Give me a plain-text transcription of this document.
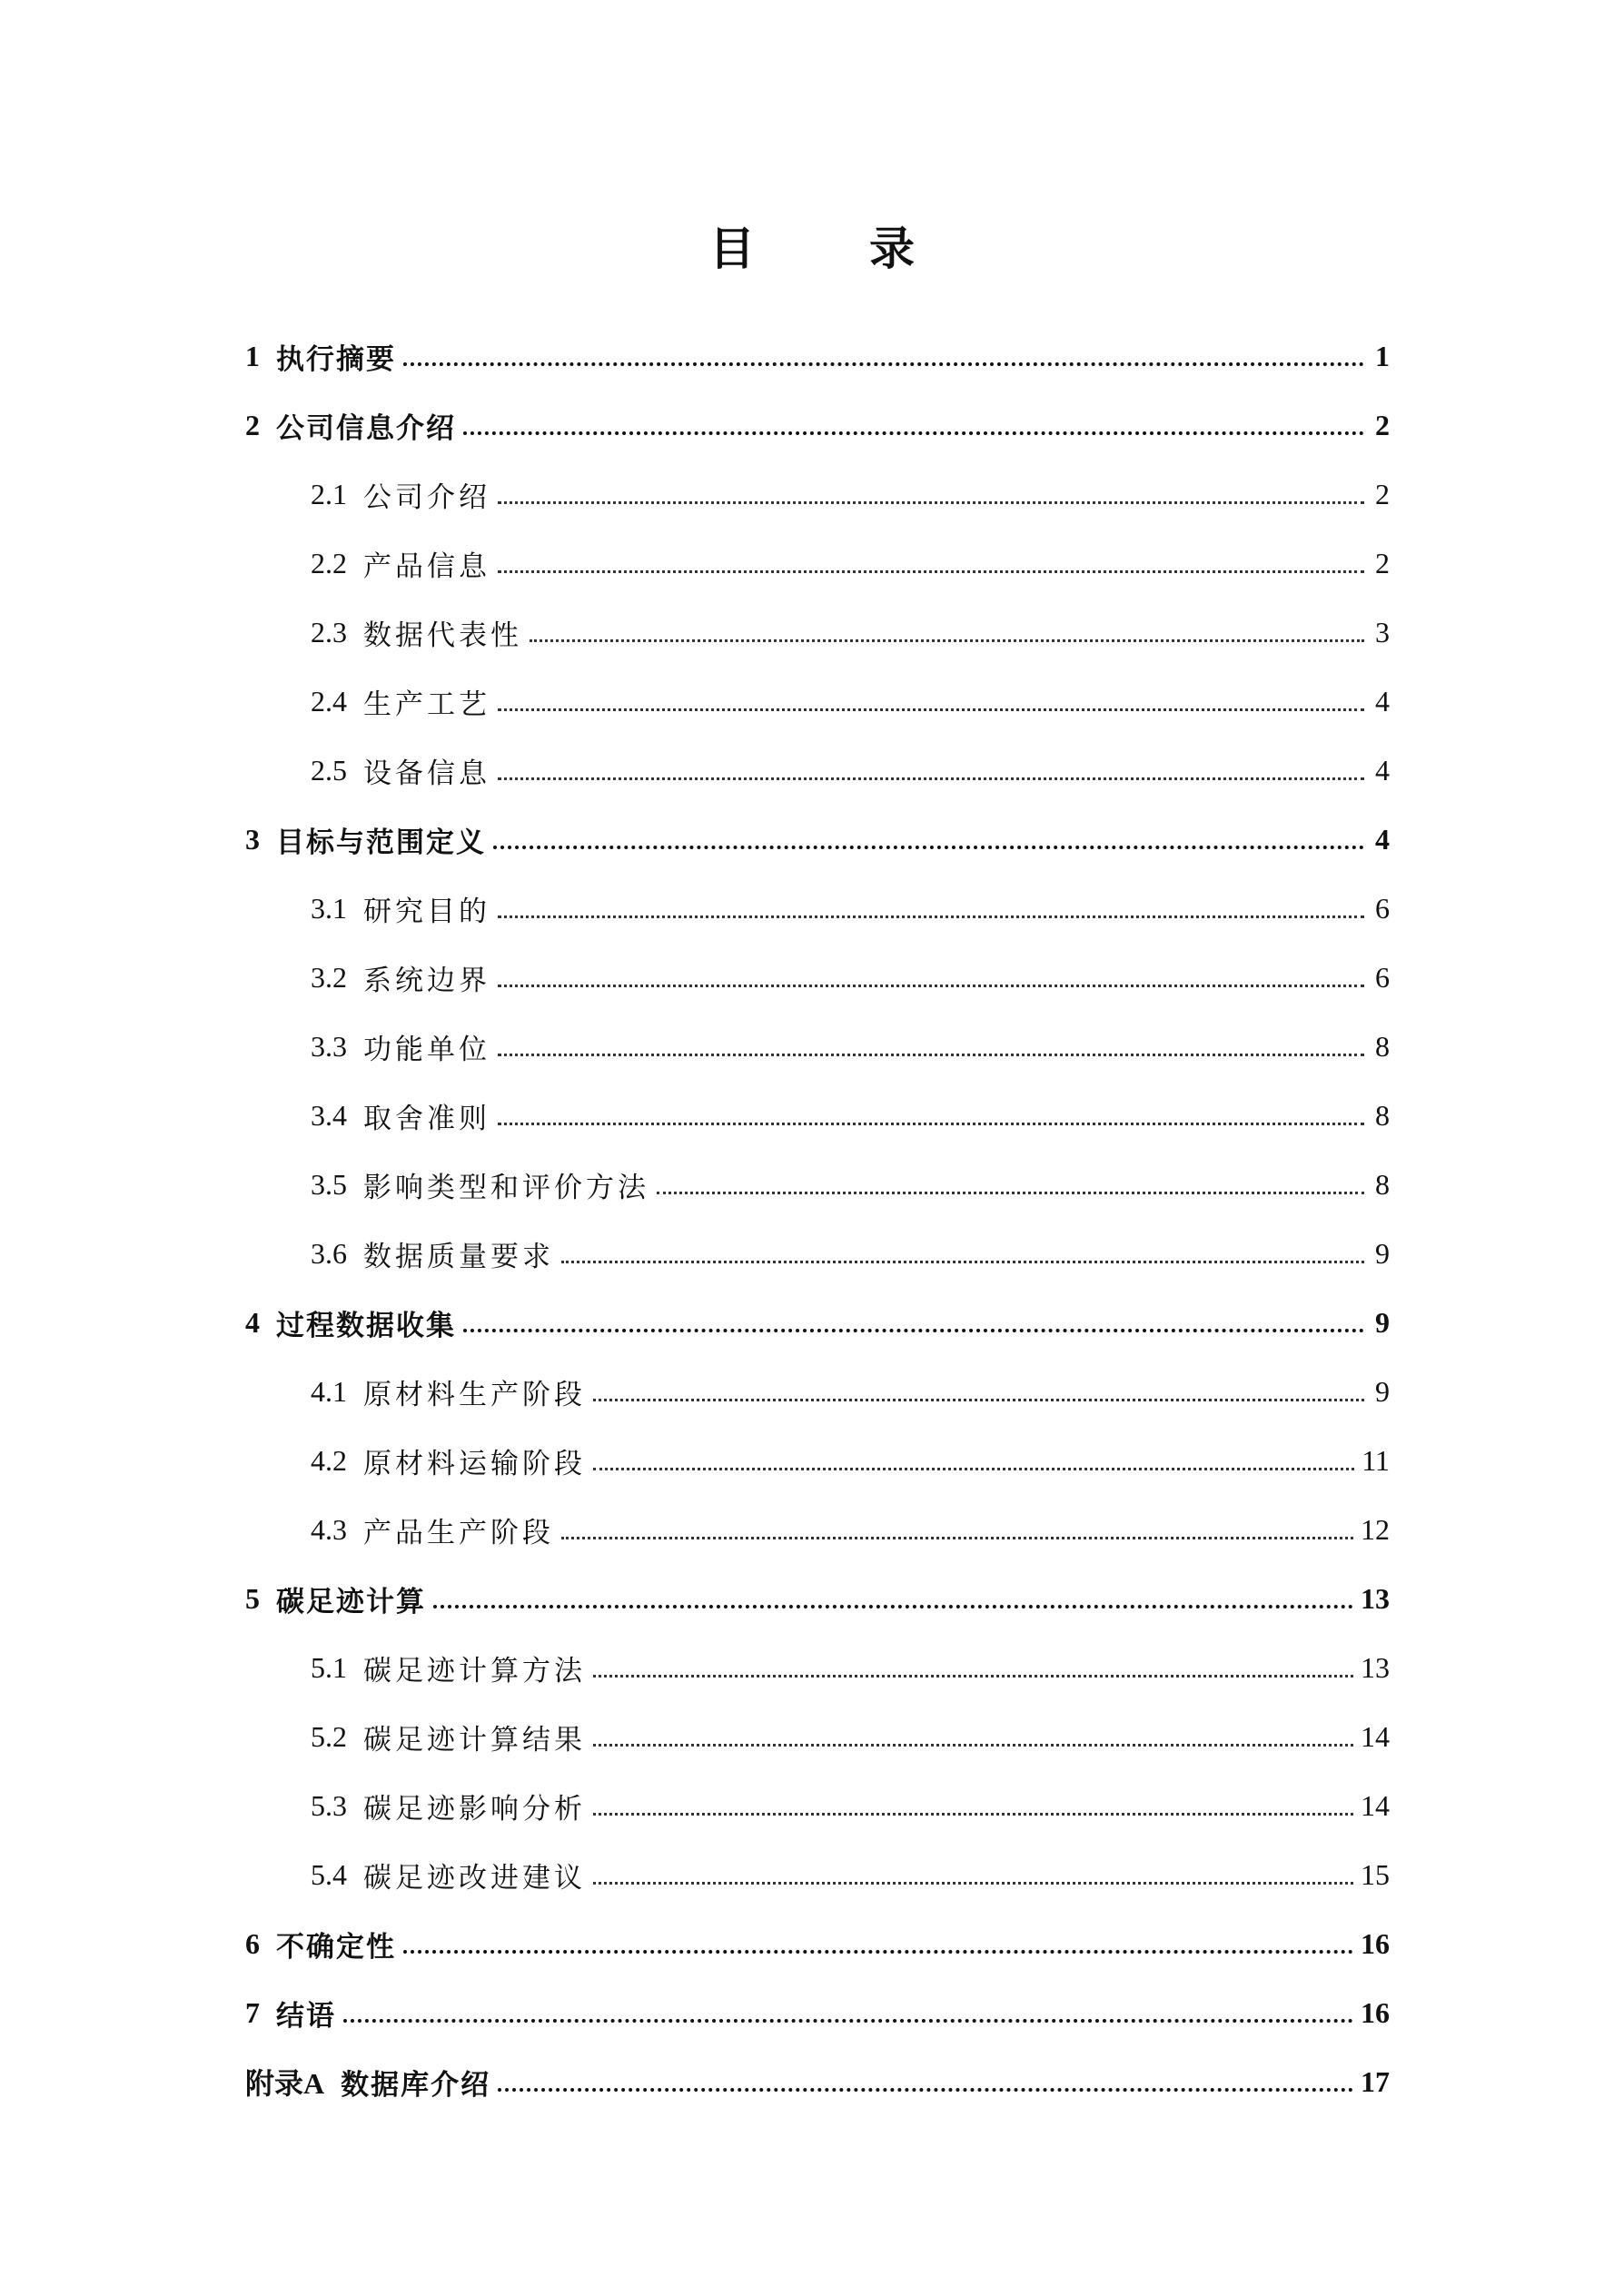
目　录
1 执行摘要	1
2 公司信息介绍	2
2.1 公司介绍	2
2.2 产品信息	2
2.3 数据代表性	3
2.4 生产工艺	4
2.5 设备信息	4
3 目标与范围定义	4
3.1 研究目的	6
3.2 系统边界	6
3.3 功能单位	8
3.4 取舍准则	8
3.5 影响类型和评价方法	8
3.6 数据质量要求	9
4 过程数据收集	9
4.1 原材料生产阶段	9
4.2 原材料运输阶段	11
4.3 产品生产阶段	12
5 碳足迹计算	13
5.1 碳足迹计算方法	13
5.2 碳足迹计算结果	14
5.3 碳足迹影响分析	14
5.4 碳足迹改进建议	15
6 不确定性	16
7 结语	16
附录A 数据库介绍	17
